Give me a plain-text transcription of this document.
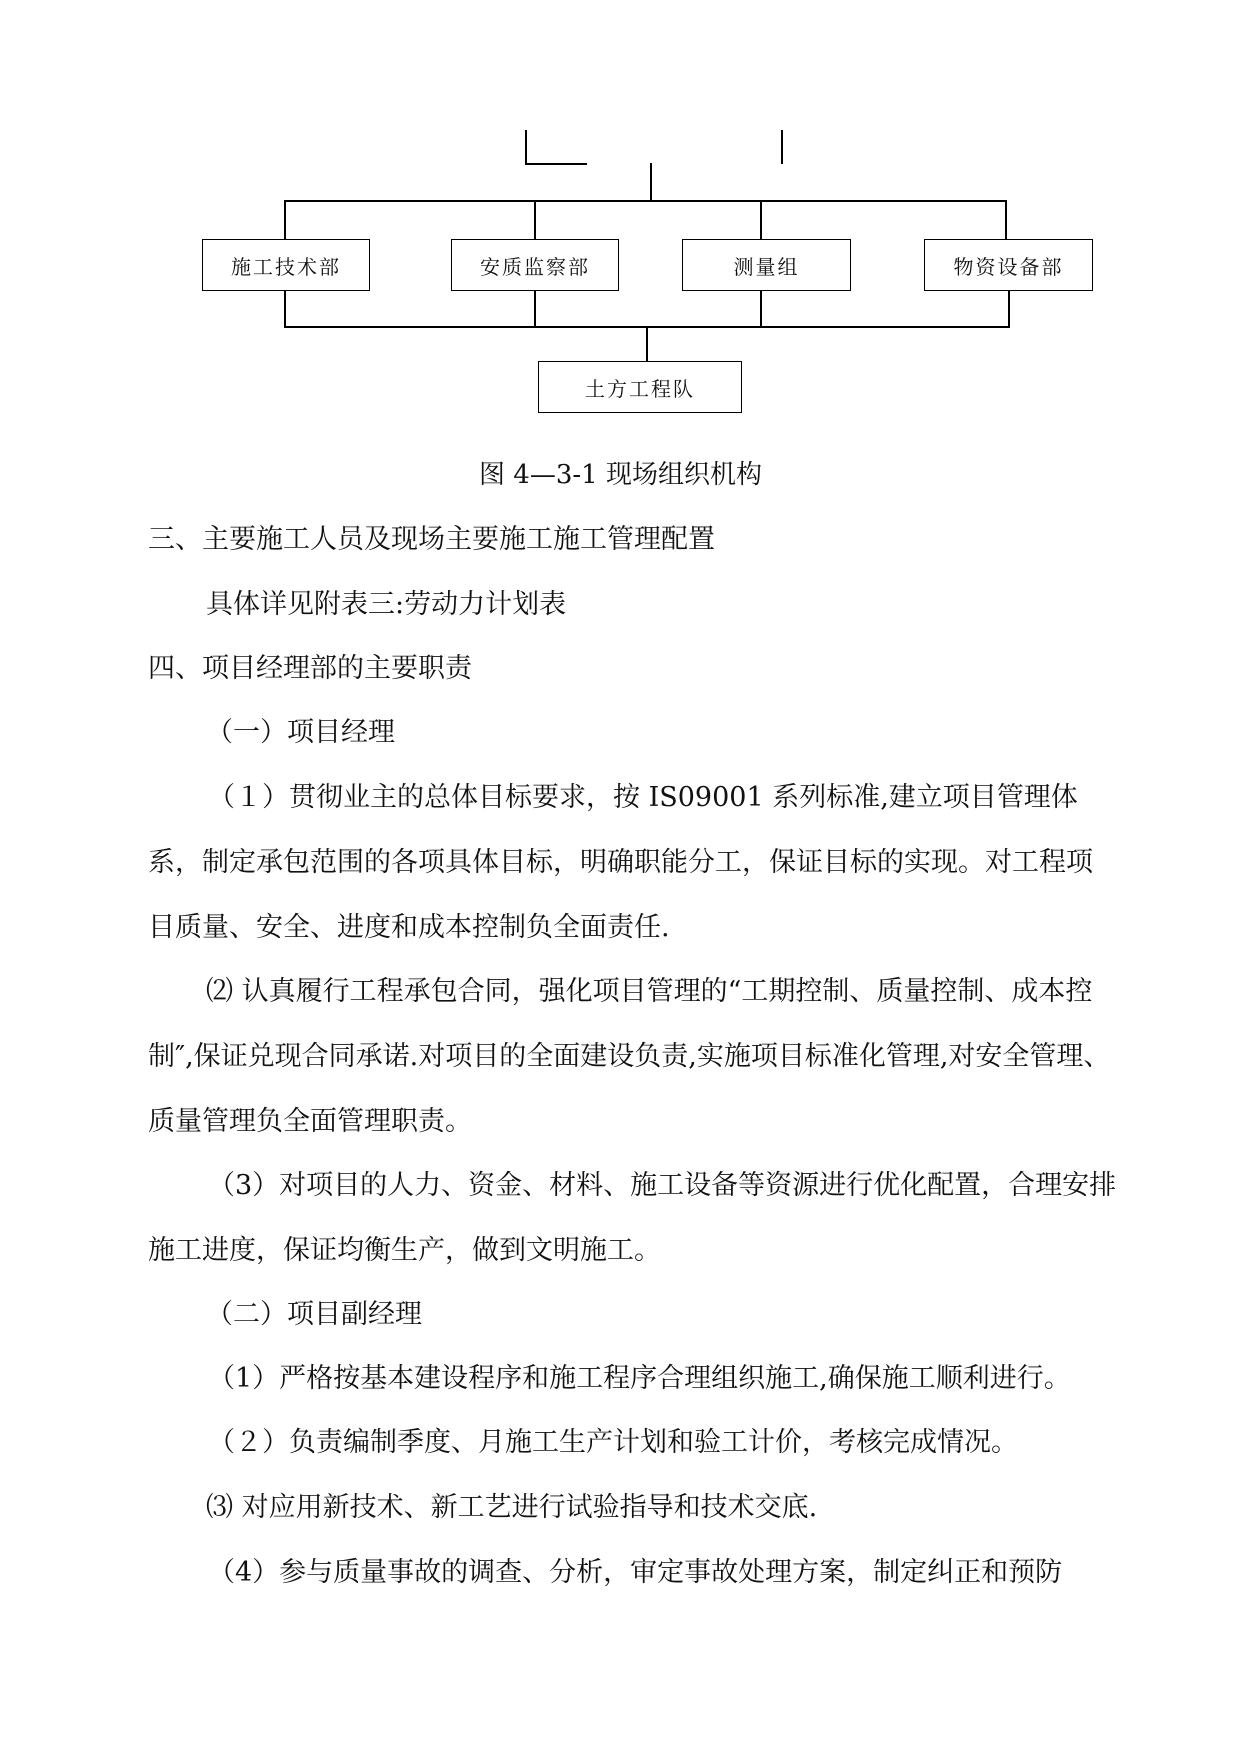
施工技术部	安质监察部	测量组	物资设备部
土方工程队
图 4—3-1 现场组织机构

三、主要施工人员及现场主要施工施工管理配置

具体详见附表三:劳动力计划表

四、项目经理部的主要职责

（一）项目经理

（１）贯彻业主的总体目标要求，按 IS09001 系列标准,建立项目管理体系，制定承包范围的各项具体目标，明确职能分工，保证目标的实现。对工程项目质量、安全、进度和成本控制负全面责任.

⑵ 认真履行工程承包合同，强化项目管理的“工期控制、质量控制、成本控制″,保证兑现合同承诺.对项目的全面建设负责,实施项目标准化管理,对安全管理、质量管理负全面管理职责。

（3）对项目的人力、资金、材料、施工设备等资源进行优化配置，合理安排施工进度，保证均衡生产，做到文明施工。

（二）项目副经理

（1）严格按基本建设程序和施工程序合理组织施工,确保施工顺利进行。

（２）负责编制季度、月施工生产计划和验工计价，考核完成情况。

⑶ 对应用新技术、新工艺进行试验指导和技术交底.

（4）参与质量事故的调查、分析，审定事故处理方案，制定纠正和预防
